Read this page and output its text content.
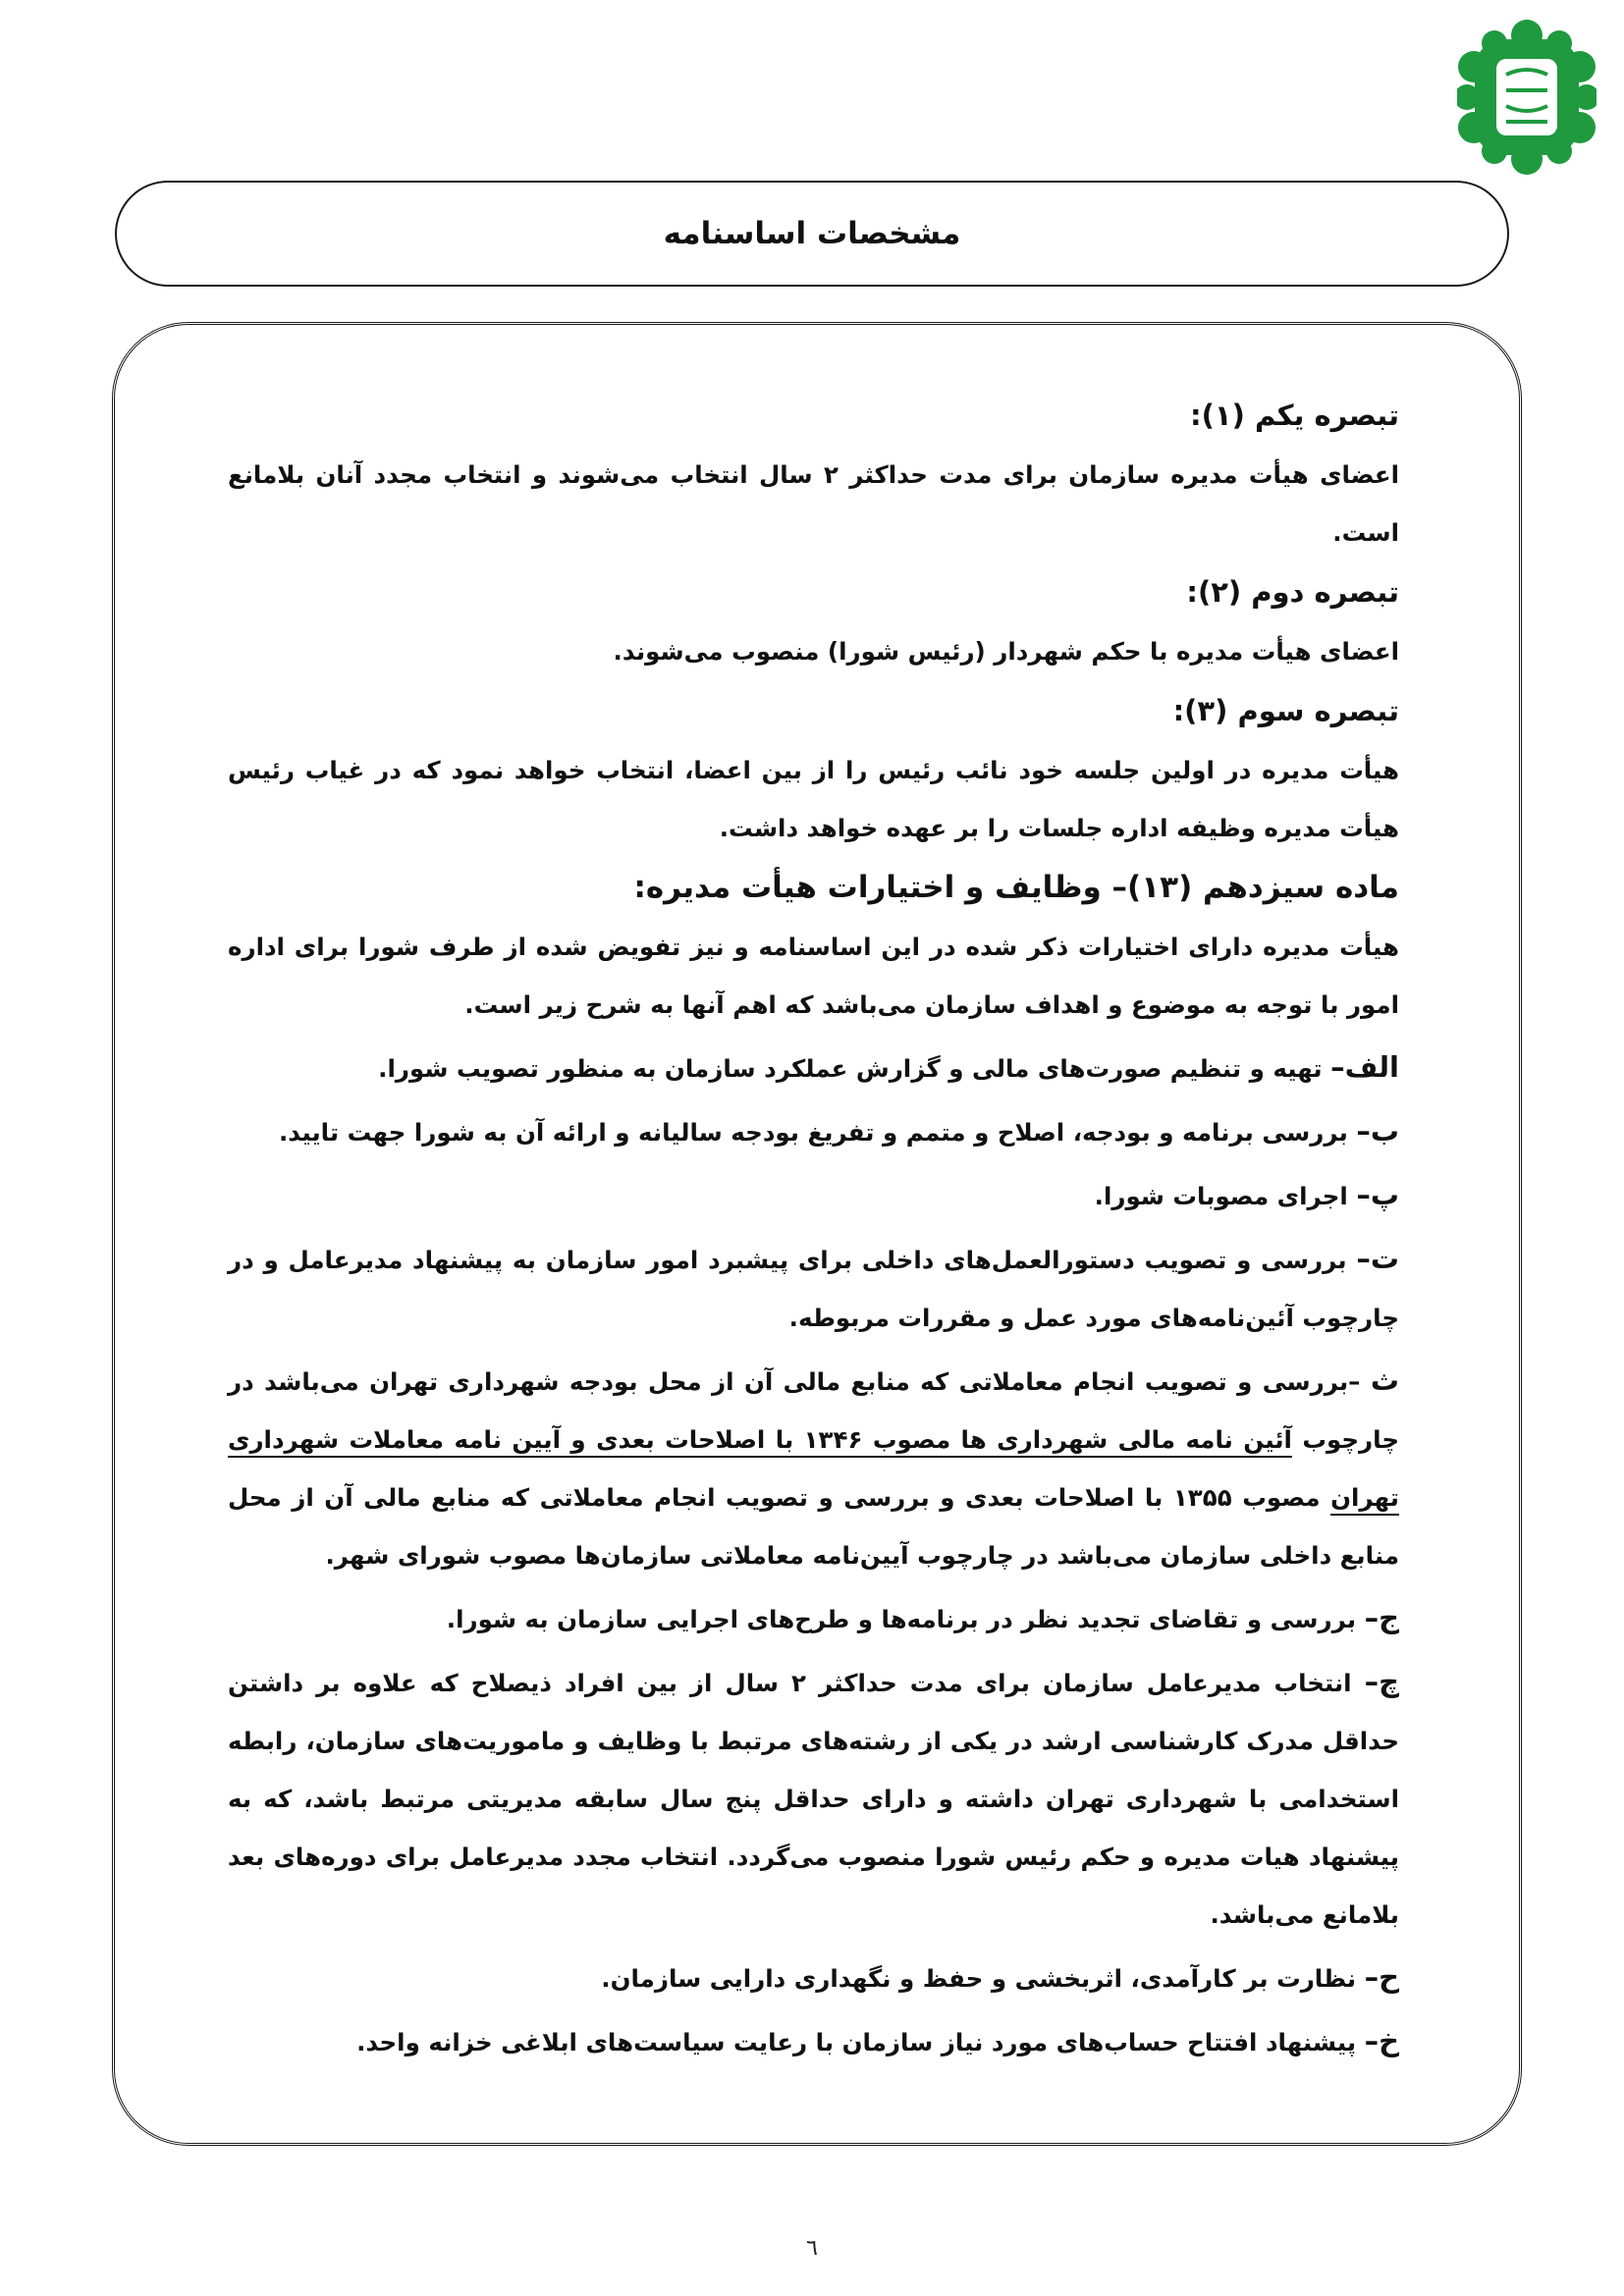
مشخصات اساسنامه

تبصره یکم (۱):

اعضای هیأت مدیره سازمان برای مدت حداکثر ۲ سال انتخاب می‌شوند و انتخاب مجدد آنان بلامانع است.

تبصره دوم (۲):

اعضای هیأت مدیره با حکم شهردار (رئیس شورا) منصوب می‌شوند.

تبصره سوم (۳):

هیأت مدیره در اولین جلسه خود نائب رئیس را از بین اعضا، انتخاب خواهد نمود که در غیاب رئیس هیأت مدیره وظیفه اداره جلسات را بر عهده خواهد داشت.

ماده سیزدهم (۱۳)– وظایف و اختیارات هیأت مدیره:

هیأت مدیره دارای اختیارات ذکر شده در این اساسنامه و نیز تفویض شده از طرف شورا برای اداره امور با توجه به موضوع و اهداف سازمان می‌باشد که اهم آنها به شرح زیر است.

الف– تهیه و تنظیم صورت‌های مالی و گزارش عملکرد سازمان به منظور تصویب شورا.

ب– بررسی برنامه و بودجه، اصلاح و متمم و تفریغ بودجه سالیانه و ارائه آن به شورا جهت تایید.

پ– اجرای مصوبات شورا.

ت– بررسی و تصویب دستورالعمل‌های داخلی برای پیشبرد امور سازمان به پیشنهاد مدیرعامل و در چارچوب آئین‌نامه‌های مورد عمل و مقررات مربوطه.

ث –بررسی و تصویب انجام معاملاتی که منابع مالی آن از محل بودجه شهرداری تهران می‌باشد در چارچوب آئین نامه مالی شهرداری ها مصوب ۱۳۴۶ با اصلاحات بعدی و آیین نامه معاملات شهرداری تهران مصوب ۱۳۵۵ با اصلاحات بعدی و بررسی و تصویب انجام معاملاتی که منابع مالی آن از محل منابع داخلی سازمان می‌باشد در چارچوب آیین‌نامه معاملاتی سازمان‌ها مصوب شورای شهر.

ج– بررسی و تقاضای تجدید نظر در برنامه‌ها و طرح‌های اجرایی سازمان به شورا.

چ– انتخاب مدیرعامل سازمان برای مدت حداکثر ۲ سال از بین افراد ذیصلاح که علاوه بر داشتن حداقل مدرک کارشناسی ارشد در یکی از رشته‌های مرتبط با وظایف و ماموریت‌های سازمان، رابطه استخدامی با شهرداری تهران داشته و دارای حداقل پنج سال سابقه مدیریتی مرتبط باشد، که به پیشنهاد هیات مدیره و حکم رئیس شورا منصوب می‌گردد. انتخاب مجدد مدیرعامل برای دوره‌های بعد بلامانع می‌باشد.

ح– نظارت بر کارآمدی، اثربخشی و حفظ و نگهداری دارایی سازمان.

خ– پیشنهاد افتتاح حساب‌های مورد نیاز سازمان با رعایت سیاست‌های ابلاغی خزانه واحد.

٦
